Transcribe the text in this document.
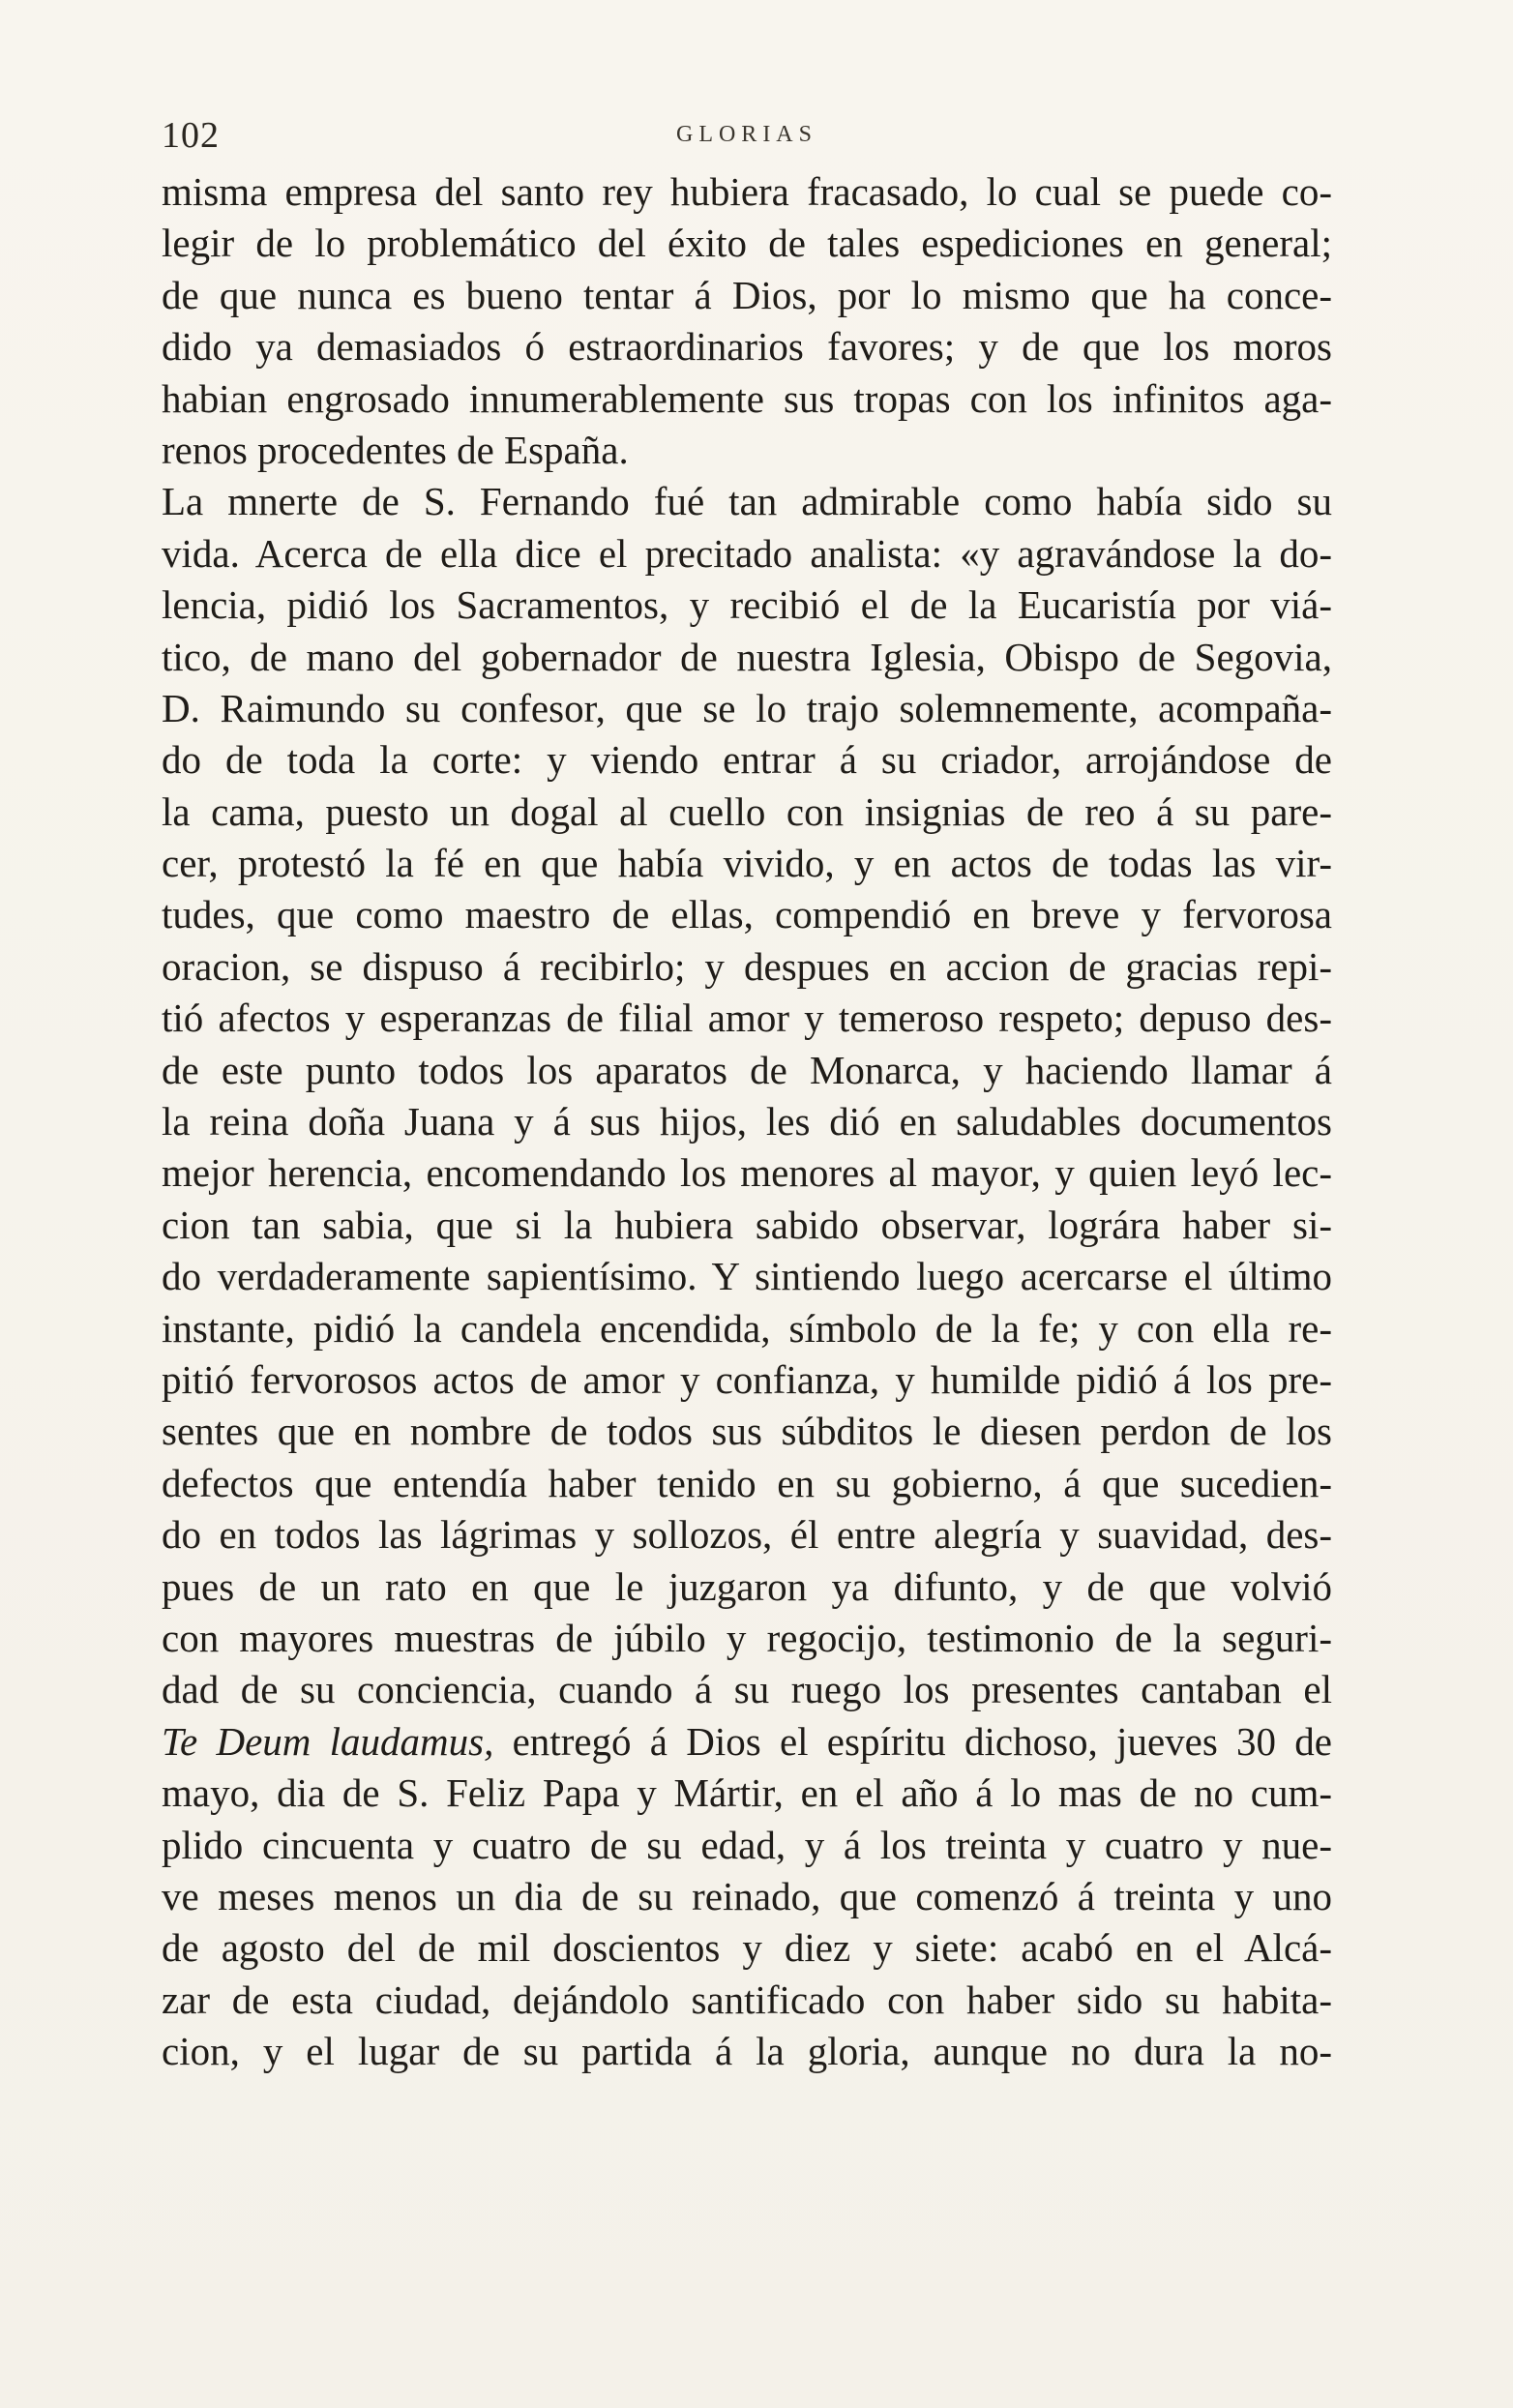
102	GLORIAS
misma empresa del santo rey hubiera fracasado, lo cual se puede co-
legir de lo problemático del éxito de tales espediciones en general;
de que nunca es bueno tentar á Dios, por lo mismo que ha conce-
dido ya demasiados ó estraordinarios favores; y de que los moros
habian engrosado innumerablemente sus tropas con los infinitos aga-
renos procedentes de España.
La mnerte de S. Fernando fué tan admirable como había sido su
vida. Acerca de ella dice el precitado analista: «y agravándose la do-
lencia, pidió los Sacramentos, y recibió el de la Eucaristía por viá-
tico, de mano del gobernador de nuestra Iglesia, Obispo de Segovia,
D. Raimundo su confesor, que se lo trajo solemnemente, acompaña-
do de toda la corte: y viendo entrar á su criador, arrojándose de
la cama, puesto un dogal al cuello con insignias de reo á su pare-
cer, protestó la fé en que había vivido, y en actos de todas las vir-
tudes, que como maestro de ellas, compendió en breve y fervorosa
oracion, se dispuso á recibirlo; y despues en accion de gracias repi-
tió afectos y esperanzas de filial amor y temeroso respeto; depuso des-
de este punto todos los aparatos de Monarca, y haciendo llamar á
la reina doña Juana y á sus hijos, les dió en saludables documentos
mejor herencia, encomendando los menores al mayor, y quien leyó lec-
cion tan sabia, que si la hubiera sabido observar, lográra haber si-
do verdaderamente sapientísimo. Y sintiendo luego acercarse el último
instante, pidió la candela encendida, símbolo de la fe; y con ella re-
pitió fervorosos actos de amor y confianza, y humilde pidió á los pre-
sentes que en nombre de todos sus súbditos le diesen perdon de los
defectos que entendía haber tenido en su gobierno, á que sucedien-
do en todos las lágrimas y sollozos, él entre alegría y suavidad, des-
pues de un rato en que le juzgaron ya difunto, y de que volvió
con mayores muestras de júbilo y regocijo, testimonio de la seguri-
dad de su conciencia, cuando á su ruego los presentes cantaban el
Te Deum laudamus, entregó á Dios el espíritu dichoso, jueves 30 de
mayo, dia de S. Feliz Papa y Mártir, en el año á lo mas de no cum-
plido cincuenta y cuatro de su edad, y á los treinta y cuatro y nue-
ve meses menos un dia de su reinado, que comenzó á treinta y uno
de agosto del de mil doscientos y diez y siete: acabó en el Alcá-
zar de esta ciudad, dejándolo santificado con haber sido su habita-
cion, y el lugar de su partida á la gloria, aunque no dura la no-
